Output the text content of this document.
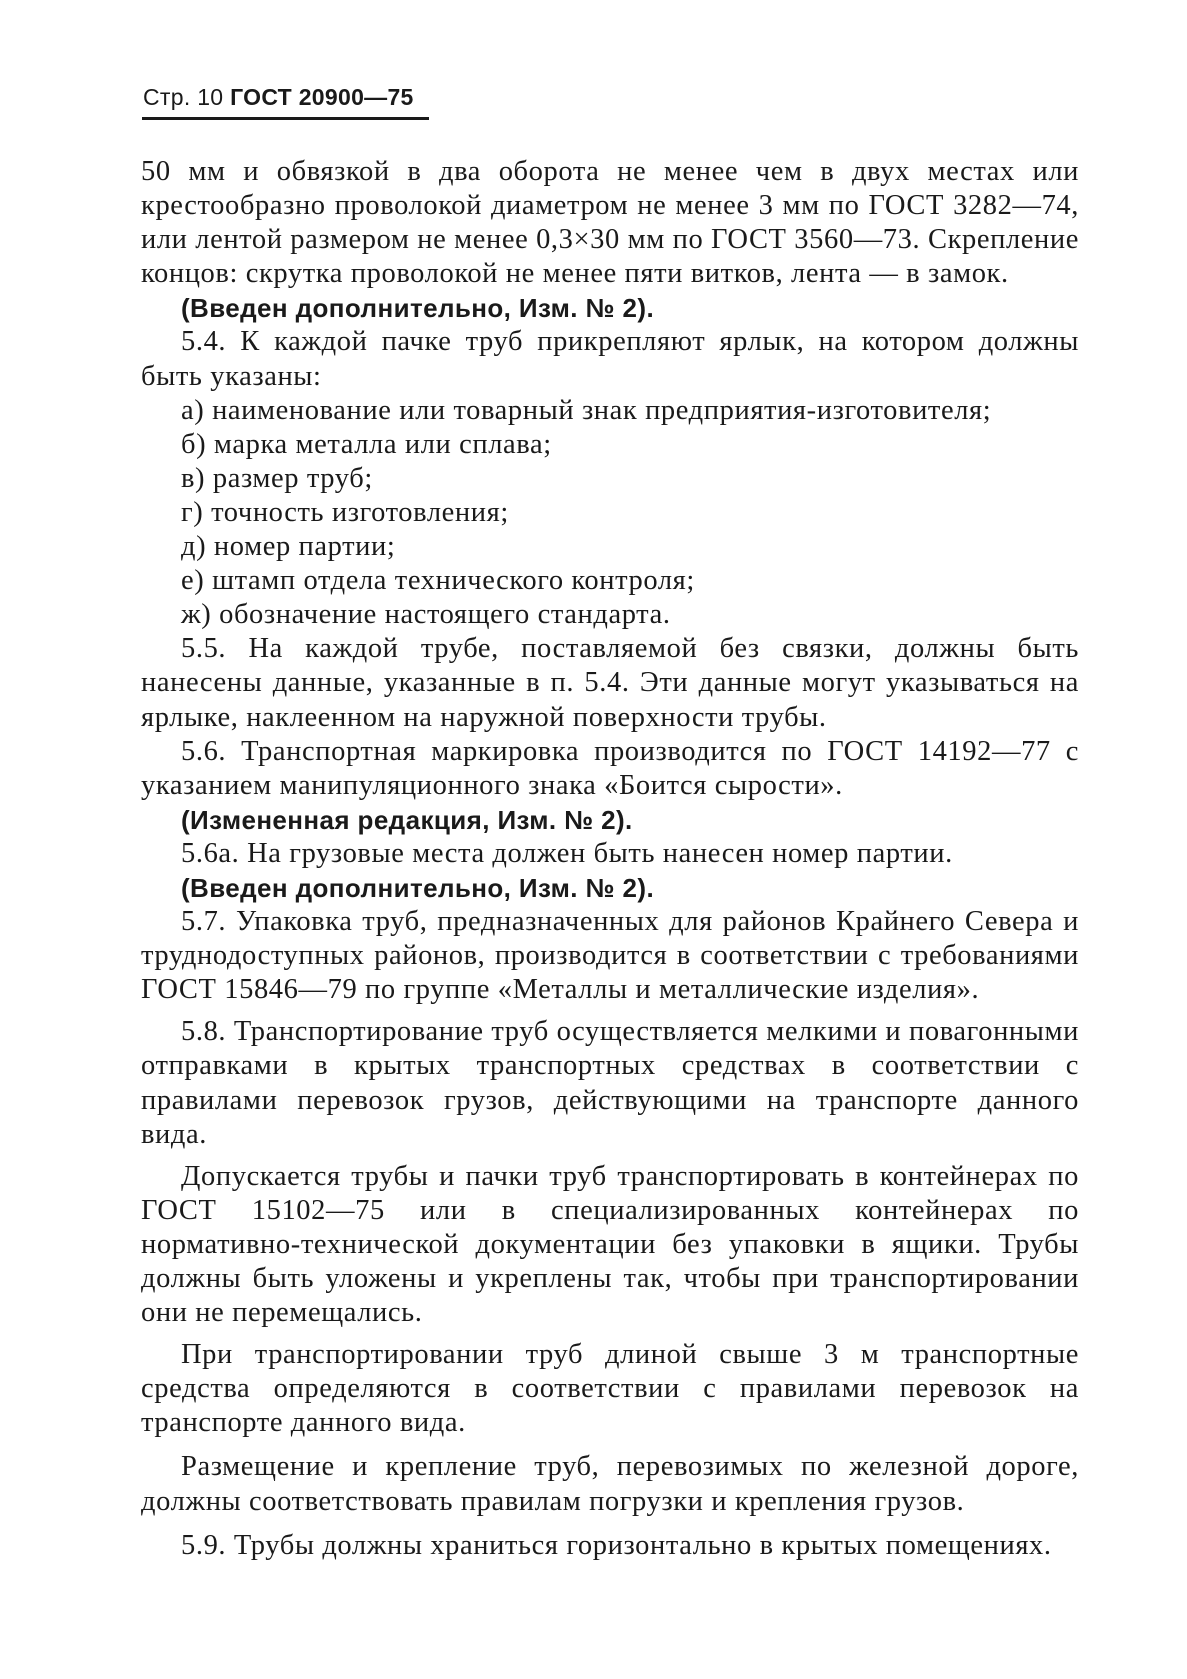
Стр. 10 ГОСТ 20900—75

50 мм и обвязкой в два оборота не менее чем в двух местах или крестообразно проволокой диаметром не менее 3 мм по ГОСТ 3282—74, или лентой размером не менее 0,3×30 мм по ГОСТ 3560—73. Скрепление концов: скрутка проволокой не менее пяти витков, лента — в замок.

(Введен дополнительно, Изм. № 2).

5.4. К каждой пачке труб прикрепляют ярлык, на котором должны быть указаны:

а) наименование или товарный знак предприятия-изготовителя;

б) марка металла или сплава;

в) размер труб;

г) точность изготовления;

д) номер партии;

е) штамп отдела технического контроля;

ж) обозначение настоящего стандарта.

5.5. На каждой трубе, поставляемой без связки, должны быть нанесены данные, указанные в п. 5.4. Эти данные могут указываться на ярлыке, наклеенном на наружной поверхности трубы.

5.6. Транспортная маркировка производится по ГОСТ 14192—77 с указанием манипуляционного знака «Боится сырости».

(Измененная редакция, Изм. № 2).

5.6а. На грузовые места должен быть нанесен номер партии.

(Введен дополнительно, Изм. № 2).

5.7. Упаковка труб, предназначенных для районов Крайнего Севера и труднодоступных районов, производится в соответствии с требованиями ГОСТ 15846—79 по группе «Металлы и металлические изделия».

5.8. Транспортирование труб осуществляется мелкими и повагонными отправками в крытых транспортных средствах в соответствии с правилами перевозок грузов, действующими на транспорте данного вида.

Допускается трубы и пачки труб транспортировать в контейнерах по ГОСТ 15102—75 или в специализированных контейнерах по нормативно-технической документации без упаковки в ящики. Трубы должны быть уложены и укреплены так, чтобы при транспортировании они не перемещались.

При транспортировании труб длиной свыше 3 м транспортные средства определяются в соответствии с правилами перевозок на транспорте данного вида.

Размещение и крепление труб, перевозимых по железной дороге, должны соответствовать правилам погрузки и крепления грузов.

5.9. Трубы должны храниться горизонтально в крытых помещениях.
